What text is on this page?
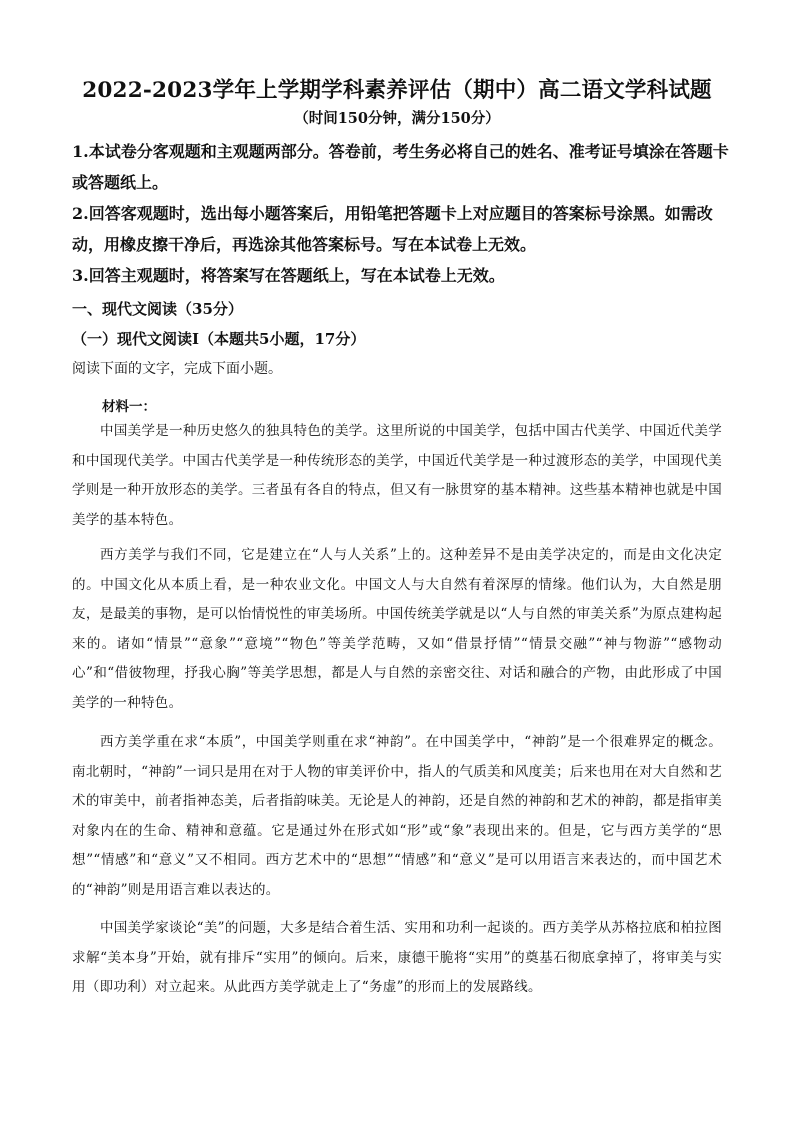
2022-2023学年上学期学科素养评估（期中）高二语文学科试题
（时间150分钟，满分150分）
1.本试卷分客观题和主观题两部分。答卷前，考生务必将自己的姓名、准考证号填涂在答题卡或答题纸上。
2.回答客观题时，选出每小题答案后，用铅笔把答题卡上对应题目的答案标号涂黑。如需改动，用橡皮擦干净后，再选涂其他答案标号。写在本试卷上无效。
3.回答主观题时，将答案写在答题纸上，写在本试卷上无效。
一、现代文阅读（35分）
（一）现代文阅读Ⅰ（本题共5小题，17分）
阅读下面的文字，完成下面小题。
材料一：
中国美学是一种历史悠久的独具特色的美学。这里所说的中国美学，包括中国古代美学、中国近代美学和中国现代美学。中国古代美学是一种传统形态的美学，中国近代美学是一种过渡形态的美学，中国现代美学则是一种开放形态的美学。三者虽有各自的特点，但又有一脉贯穿的基本精神。这些基本精神也就是中国美学的基本特色。
西方美学与我们不同，它是建立在“人与人关系”上的。这种差异不是由美学决定的，而是由文化决定的。中国文化从本质上看，是一种农业文化。中国文人与大自然有着深厚的情缘。他们认为，大自然是朋友，是最美的事物，是可以怡情悦性的审美场所。中国传统美学就是以“人与自然的审美关系”为原点建构起来的。诸如“情景”“意象”“意境”“物色”等美学范畴，又如“借景抒情”“情景交融”“神与物游”“感物动心”和“借彼物理，抒我心胸”等美学思想，都是人与自然的亲密交往、对话和融合的产物，由此形成了中国美学的一种特色。
西方美学重在求“本质”，中国美学则重在求“神韵”。在中国美学中，“神韵”是一个很难界定的概念。南北朝时，“神韵”一词只是用在对于人物的审美评价中，指人的气质美和风度美；后来也用在对大自然和艺术的审美中，前者指神态美，后者指韵味美。无论是人的神韵，还是自然的神韵和艺术的神韵，都是指审美对象内在的生命、精神和意蕴。它是通过外在形式如“形”或“象”表现出来的。但是，它与西方美学的“思想”“情感”和“意义”又不相同。西方艺术中的“思想”“情感”和“意义”是可以用语言来表达的，而中国艺术的“神韵”则是用语言难以表达的。
中国美学家谈论“美”的问题，大多是结合着生活、实用和功利一起谈的。西方美学从苏格拉底和柏拉图求解“美本身”开始，就有排斥“实用”的倾向。后来，康德干脆将“实用”的奠基石彻底拿掉了，将审美与实用（即功利）对立起来。从此西方美学就走上了“务虚”的形而上的发展路线。
